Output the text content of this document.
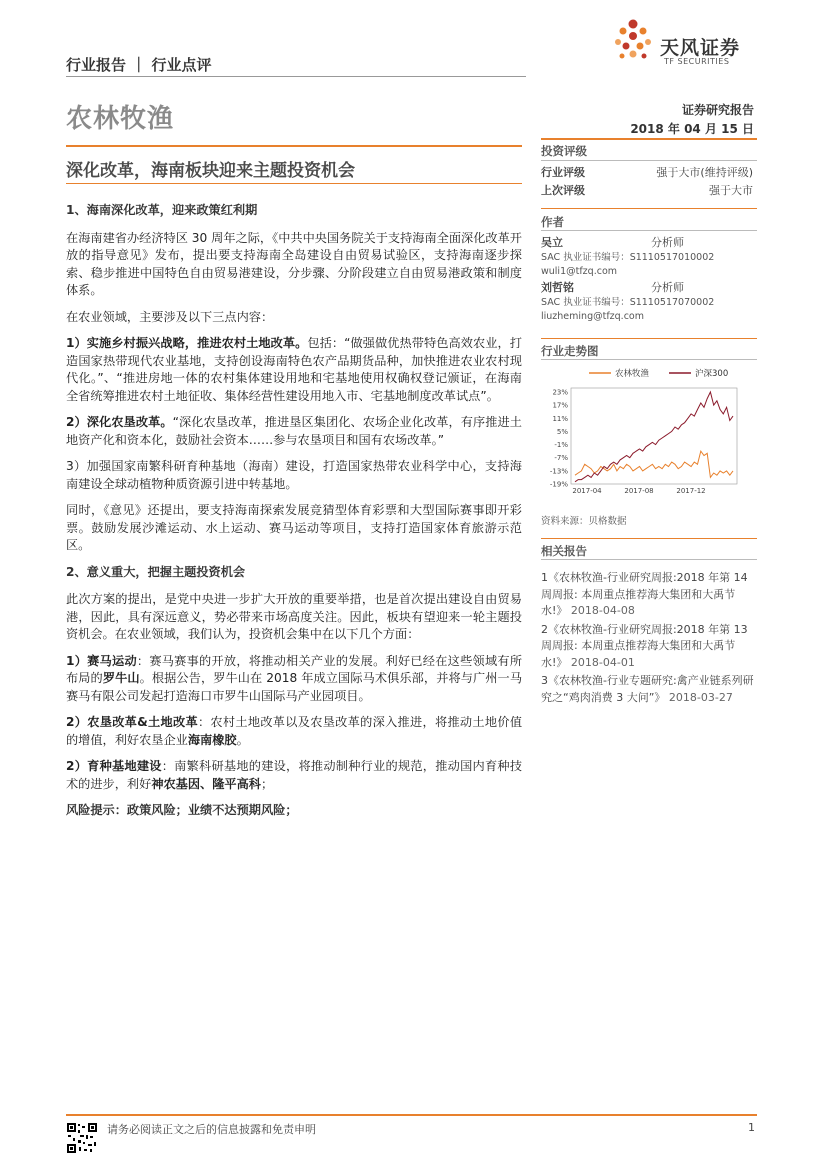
天风证券
TF SECURITIES
行业报告 ｜ 行业点评
农林牧渔	证券研究报告
2018 年 04 月 15 日
深化改革，海南板块迎来主题投资机会

1、海南深化改革，迎来政策红利期

在海南建省办经济特区 30 周年之际，《中共中央国务院关于支持海南全面深化改革开放的指导意见》发布，提出要支持海南全岛建设自由贸易试验区，支持海南逐步探索、稳步推进中国特色自由贸易港建设，分步骤、分阶段建立自由贸易港政策和制度体系。

在农业领域，主要涉及以下三点内容：

1）实施乡村振兴战略，推进农村土地改革。包括：“做强做优热带特色高效农业，打造国家热带现代农业基地，支持创设海南特色农产品期货品种，加快推进农业农村现代化。”、“推进房地一体的农村集体建设用地和宅基地使用权确权登记颁证，在海南全省统筹推进农村土地征收、集体经营性建设用地入市、宅基地制度改革试点”。

2）深化农垦改革。“深化农垦改革，推进垦区集团化、农场企业化改革，有序推进土地资产化和资本化，鼓励社会资本……参与农垦项目和国有农场改革。”

3）加强国家南繁科研育种基地（海南）建设，打造国家热带农业科学中心，支持海南建设全球动植物种质资源引进中转基地。

同时，《意见》还提出，要支持海南探索发展竞猜型体育彩票和大型国际赛事即开彩票。鼓励发展沙滩运动、水上运动、赛马运动等项目，支持打造国家体育旅游示范区。

2、意义重大，把握主题投资机会

此次方案的提出，是党中央进一步扩大开放的重要举措，也是首次提出建设自由贸易港，因此，具有深远意义，势必带来市场高度关注。因此，板块有望迎来一轮主题投资机会。在农业领域，我们认为，投资机会集中在以下几个方面：

1）赛马运动：赛马赛事的开放，将推动相关产业的发展。利好已经在这些领域有所布局的罗牛山。根据公告，罗牛山在 2018 年成立国际马术俱乐部，并将与广州一马赛马有限公司发起打造海口市罗牛山国际马产业园项目。

2）农垦改革&土地改革：农村土地改革以及农垦改革的深入推进，将推动土地价值的增值，利好农垦企业海南橡胶。

2）育种基地建设：南繁科研基地的建设，将推动制种行业的规范，推动国内育种技术的进步，利好神农基因、隆平高科；

风险提示：政策风险；业绩不达预期风险；

投资评级
行业评级	强于大市(维持评级)
上次评级	强于大市
作者
吴立	分析师
SAC 执业证书编号：S1110517010002
wuli1@tfzq.com
刘哲铭	分析师
SAC 执业证书编号：S1110517070002
liuzheming@tfzq.com
行业走势图
23%
17%
11%
5%
-1%
-7%
-13%
-19%
2017-04	2017-08	2017-12
农林牧渔	沪深300
资料来源：贝格数据
相关报告
1《农林牧渔-行业研究周报:2018 年第 14 周周报: 本周重点推荐海大集团和大禹节水!》 2018-04-08
2《农林牧渔-行业研究周报:2018 年第 13 周周报: 本周重点推荐海大集团和大禹节水!》 2018-04-01
3《农林牧渔-行业专题研究:禽产业链系列研究之“鸡肉消费 3 大问”》 2018-03-27
请务必阅读正文之后的信息披露和免责申明	1
